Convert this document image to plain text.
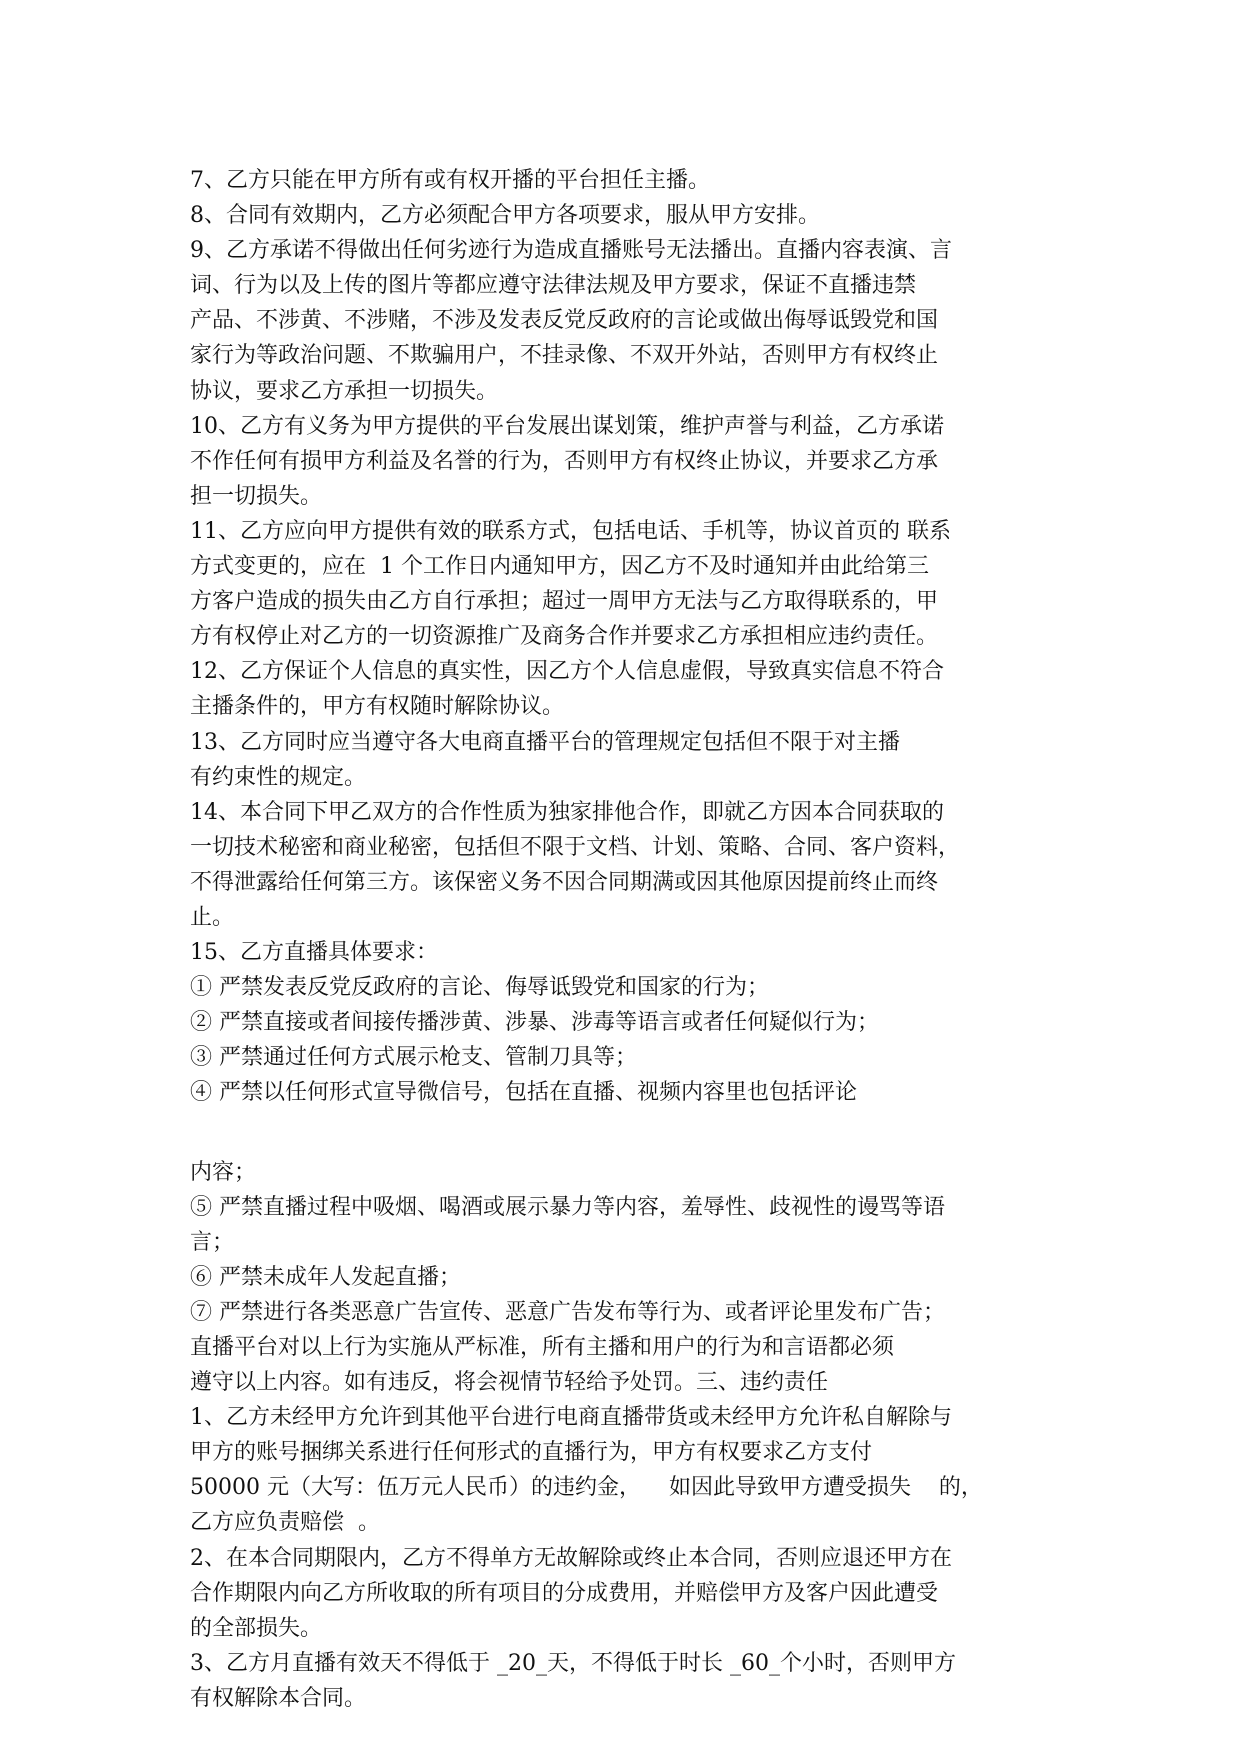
7、乙方只能在甲方所有或有权开播的平台担任主播。
8、合同有效期内，乙方必须配合甲方各项要求，服从甲方安排。
9、乙方承诺不得做出任何劣迹行为造成直播账号无法播出。直播内容表演、言
词、行为以及上传的图片等都应遵守法律法规及甲方要求，保证不直播违禁
产品、不涉黄、不涉赌，不涉及发表反党反政府的言论或做出侮辱诋毁党和国
家行为等政治问题、不欺骗用户，不挂录像、不双开外站，否则甲方有权终止
协议，要求乙方承担一切损失。
10、乙方有义务为甲方提供的平台发展出谋划策，维护声誉与利益，乙方承诺
不作任何有损甲方利益及名誉的行为，否则甲方有权终止协议，并要求乙方承
担一切损失。
11、乙方应向甲方提供有效的联系方式，包括电话、手机等，协议首页的 联系
方式变更的，应在  1 个工作日内通知甲方，因乙方不及时通知并由此给第三
方客户造成的损失由乙方自行承担；超过一周甲方无法与乙方取得联系的，甲
方有权停止对乙方的一切资源推广及商务合作并要求乙方承担相应违约责任。
12、乙方保证个人信息的真实性，因乙方个人信息虚假，导致真实信息不符合
主播条件的，甲方有权随时解除协议。
13、乙方同时应当遵守各大电商直播平台的管理规定包括但不限于对主播
有约束性的规定。
14、本合同下甲乙双方的合作性质为独家排他合作，即就乙方因本合同获取的
一切技术秘密和商业秘密，包括但不限于文档、计划、策略、合同、客户资料，
不得泄露给任何第三方。该保密义务不因合同期满或因其他原因提前终止而终
止。
15、乙方直播具体要求：
① 严禁发表反党反政府的言论、侮辱诋毁党和国家的行为；
② 严禁直接或者间接传播涉黄、涉暴、涉毒等语言或者任何疑似行为；
③ 严禁通过任何方式展示枪支、管制刀具等；
④ 严禁以任何形式宣导微信号，包括在直播、视频内容里也包括评论
内容；
⑤ 严禁直播过程中吸烟、喝酒或展示暴力等内容，羞辱性、歧视性的谩骂等语
言；
⑥ 严禁未成年人发起直播；
⑦ 严禁进行各类恶意广告宣传、恶意广告发布等行为、或者评论里发布广告；
直播平台对以上行为实施从严标准，所有主播和用户的行为和言语都必须
遵守以上内容。如有违反，将会视情节轻给予处罚。三、违约责任
1、乙方未经甲方允许到其他平台进行电商直播带货或未经甲方允许私自解除与
甲方的账号捆绑关系进行任何形式的直播行为，甲方有权要求乙方支付
50000 元（大写：伍万元人民币）的违约金，    如因此导致甲方遭受损失    的，
乙方应负责赔偿  。
2、在本合同期限内，乙方不得单方无故解除或终止本合同，否则应退还甲方在
合作期限内向乙方所收取的所有项目的分成费用，并赔偿甲方及客户因此遭受
的全部损失。
3、乙方月直播有效天不得低于 _20_天，不得低于时长 _60_个小时，否则甲方
有权解除本合同。
